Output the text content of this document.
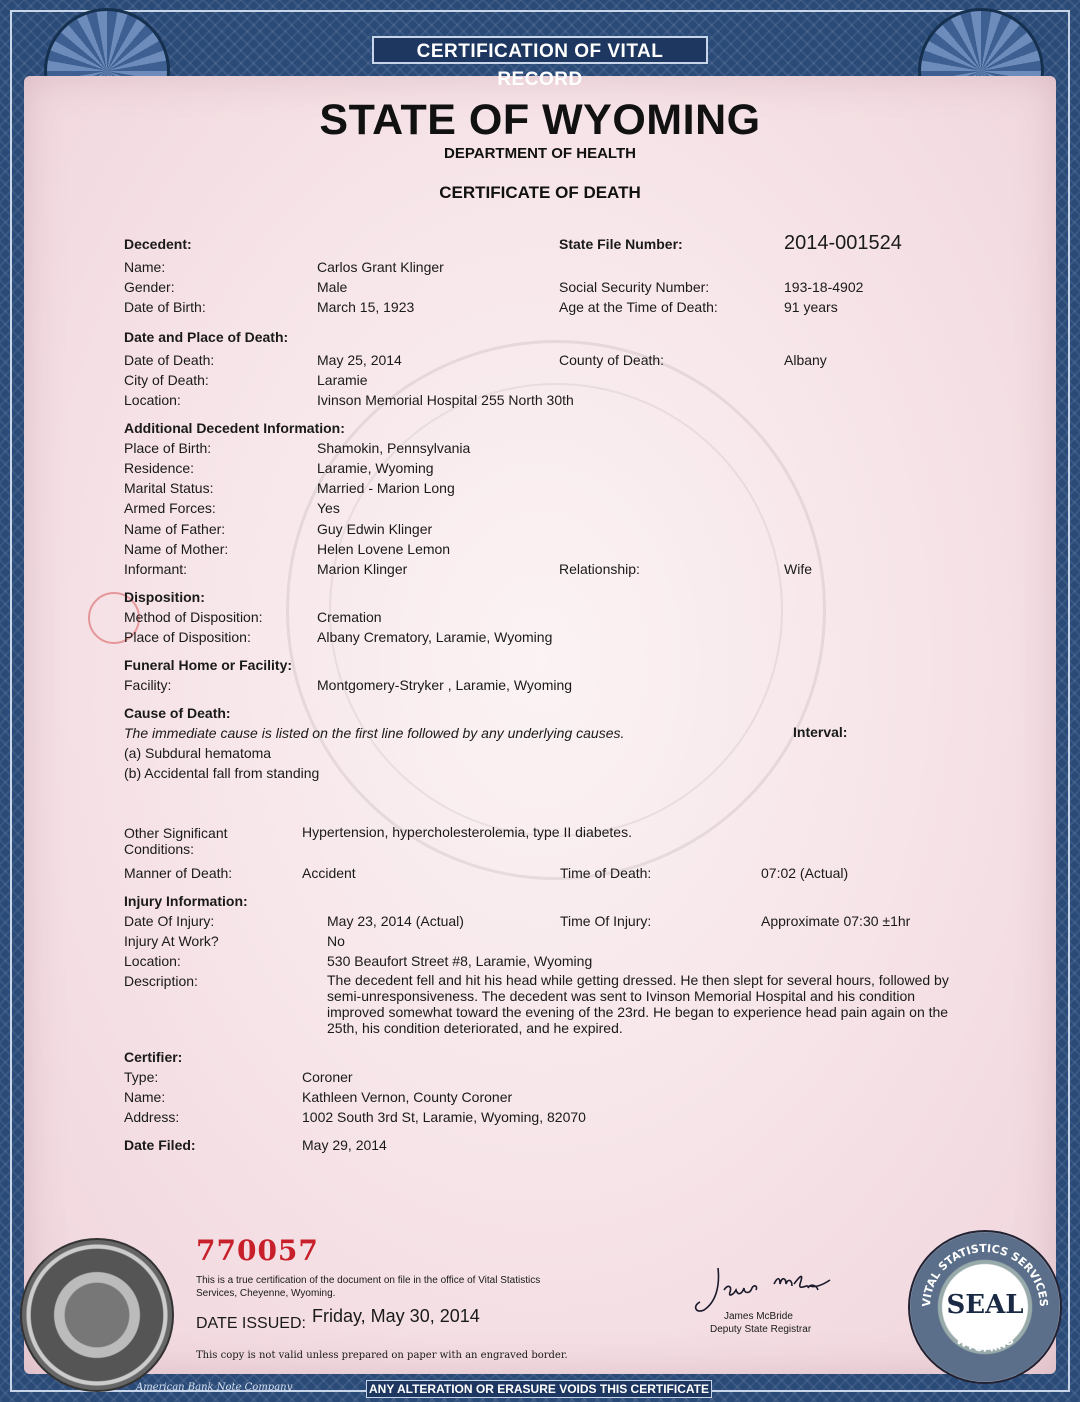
CERTIFICATION OF VITAL RECORD
STATE OF WYOMING
DEPARTMENT OF HEALTH
CERTIFICATE OF DEATH
Decedent:	State File Number:	2014-001524
Name:	Carlos Grant Klinger
Gender:	Male	Social Security Number:	193-18-4902
Date of Birth:	March 15, 1923	Age at the Time of Death:	91 years
Date and Place of Death:
Date of Death:	May 25, 2014	County of Death:	Albany
City of Death:	Laramie
Location:	Ivinson Memorial Hospital 255 North 30th
Additional Decedent Information:
Place of Birth:	Shamokin, Pennsylvania
Residence:	Laramie, Wyoming
Marital Status:	Married - Marion Long
Armed Forces:	Yes
Name of Father:	Guy Edwin Klinger
Name of Mother:	Helen Lovene Lemon
Informant:	Marion Klinger	Relationship:	Wife
Disposition:
Method of Disposition:	Cremation
Place of Disposition:	Albany Crematory, Laramie, Wyoming
Funeral Home or Facility:
Facility:	Montgomery-Stryker , Laramie, Wyoming
Cause of Death:
The immediate cause is listed on the first line followed by any underlying causes.	Interval:
(a) Subdural hematoma
(b) Accidental fall from standing
Other Significant
Conditions:
Hypertension, hypercholesterolemia, type II diabetes.
Manner of Death:	Accident	Time of Death:	07:02 (Actual)
Injury Information:
Date Of Injury:	May 23, 2014 (Actual)	Time Of Injury:	Approximate 07:30 ±1hr
Injury At Work?	No
Location:	530 Beaufort Street #8, Laramie, Wyoming
Description:	The decedent fell and hit his head while getting dressed. He then slept for several hours, followed by semi-unresponsiveness. The decedent was sent to Ivinson Memorial Hospital and his condition improved somewhat toward the evening of the 23rd. He began to experience head pain again on the 25th, his condition deteriorated, and he expired.
Certifier:
Type:	Coroner
Name:	Kathleen Vernon, County Coroner
Address:	1002 South 3rd St, Laramie, Wyoming, 82070
Date Filed:	May 29, 2014
770057
This is a true certification of the document on file in the office of Vital Statistics Services, Cheyenne, Wyoming.
DATE ISSUED: Friday, May 30, 2014
This copy is not valid unless prepared on paper with an engraved border.
James McBride
Deputy State Registrar
VITAL STATISTICS SERVICES
WYOMING
SEAL
American Bank Note Company	ANY ALTERATION OR ERASURE VOIDS THIS CERTIFICATE
